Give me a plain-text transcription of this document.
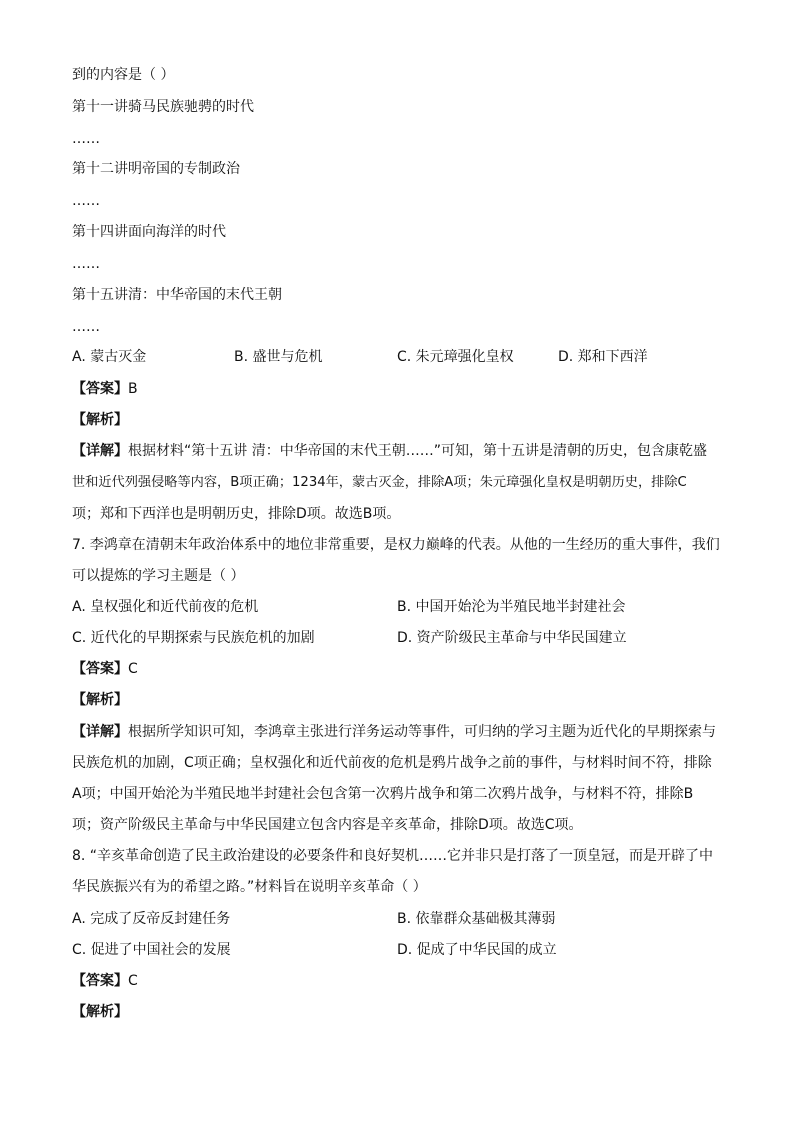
到的内容是（ ）
第十一讲骑马民族驰骋的时代
……
第十二讲明帝国的专制政治
……
第十四讲面向海洋的时代
……
第十五讲清：中华帝国的末代王朝
……
A. 蒙古灭金	B. 盛世与危机	C. 朱元璋强化皇权	D. 郑和下西洋
【答案】B
【解析】
【详解】根据材料“第十五讲 清：中华帝国的末代王朝……”可知，第十五讲是清朝的历史，包含康乾盛
世和近代列强侵略等内容，B项正确；1234年，蒙古灭金，排除A项；朱元璋强化皇权是明朝历史，排除C
项；郑和下西洋也是明朝历史，排除D项。故选B项。
7. 李鸿章在清朝末年政治体系中的地位非常重要，是权力巅峰的代表。从他的一生经历的重大事件，我们
可以提炼的学习主题是（ ）
A. 皇权强化和近代前夜的危机	B. 中国开始沦为半殖民地半封建社会
C. 近代化的早期探索与民族危机的加剧	D. 资产阶级民主革命与中华民国建立
【答案】C
【解析】
【详解】根据所学知识可知，李鸿章主张进行洋务运动等事件，可归纳的学习主题为近代化的早期探索与
民族危机的加剧，C项正确；皇权强化和近代前夜的危机是鸦片战争之前的事件，与材料时间不符，排除
A项；中国开始沦为半殖民地半封建社会包含第一次鸦片战争和第二次鸦片战争，与材料不符，排除B
项；资产阶级民主革命与中华民国建立包含内容是辛亥革命，排除D项。故选C项。
8. “辛亥革命创造了民主政治建设的必要条件和良好契机……它并非只是打落了一顶皇冠，而是开辟了中
华民族振兴有为的希望之路。”材料旨在说明辛亥革命（ ）
A. 完成了反帝反封建任务	B. 依靠群众基础极其薄弱
C. 促进了中国社会的发展	D. 促成了中华民国的成立
【答案】C
【解析】
